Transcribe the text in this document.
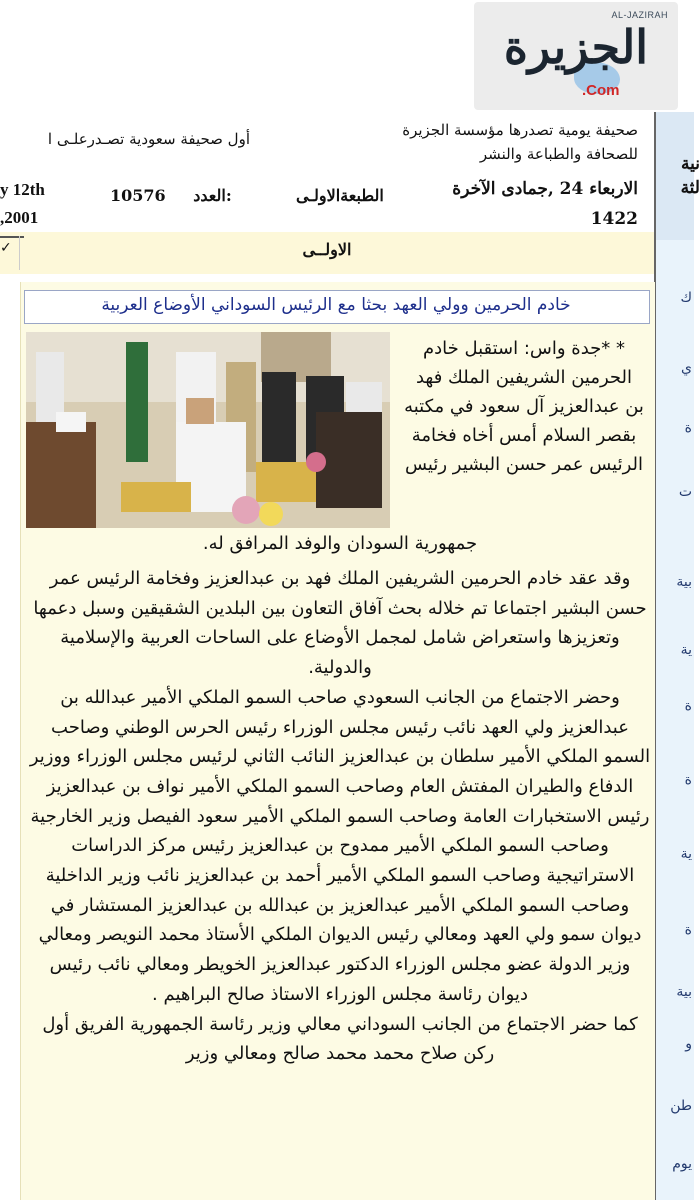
AL-JAZIRAH
الجزيرة
.Com
صحيفة يومية تصدرها مؤسسة الجزيرة للصحافة والطباعة والنشر
أول صحيفة سعودية تصـدرعلـى ا
الاربعاء 24 ,جمادى الآخرة 1422
الطبعةالاولـى
10576 العدد:
y 12th
,2001
نية لثة
ك
ي
ة
ت
بية
ية
ة
ة
ية
ة
بية
و
طن
يوم
✓	الاولــى
خادم الحرمين وولي العهد بحثا مع الرئيس السوداني الأوضاع العربية
* *جدة واس: استقبل خادم الحرمين الشريفين الملك فهد بن عبدالعزيز آل سعود في مكتبه بقصر السلام أمس أخاه فخامة الرئيس عمر حسن البشير رئيس
جمهورية السودان والوفد المرافق له.
وقد عقد خادم الحرمين الشريفين الملك فهد بن عبدالعزيز وفخامة الرئيس عمر حسن البشير اجتماعا تم خلاله بحث آفاق التعاون بين البلدين الشقيقين وسبل دعمها وتعزيزها واستعراض شامل لمجمل الأوضاع على الساحات العربية والإسلامية والدولية.
وحضر الاجتماع من الجانب السعودي صاحب السمو الملكي الأمير عبدالله بن عبدالعزيز ولي العهد نائب رئيس مجلس الوزراء رئيس الحرس الوطني وصاحب السمو الملكي الأمير سلطان بن عبدالعزيز النائب الثاني لرئيس مجلس الوزراء ووزير الدفاع والطيران المفتش العام وصاحب السمو الملكي الأمير نواف بن عبدالعزيز رئيس الاستخبارات العامة وصاحب السمو الملكي الأمير سعود الفيصل وزير الخارجية وصاحب السمو الملكي الأمير ممدوح بن عبدالعزيز رئيس مركز الدراسات الاستراتيجية وصاحب السمو الملكي الأمير أحمد بن عبدالعزيز نائب وزير الداخلية وصاحب السمو الملكي الأمير عبدالعزيز بن عبدالله بن عبدالعزيز المستشار في ديوان سمو ولي العهد ومعالي رئيس الديوان الملكي الأستاذ محمد النويصر ومعالي وزير الدولة عضو مجلس الوزراء الدكتور عبدالعزيز الخويطر ومعالي نائب رئيس ديوان رئاسة مجلس الوزراء الاستاذ صالح البراهيم .
كما حضر الاجتماع من الجانب السوداني معالي وزير رئاسة الجمهورية الفريق أول ركن صلاح محمد محمد صالح ومعالي وزير
